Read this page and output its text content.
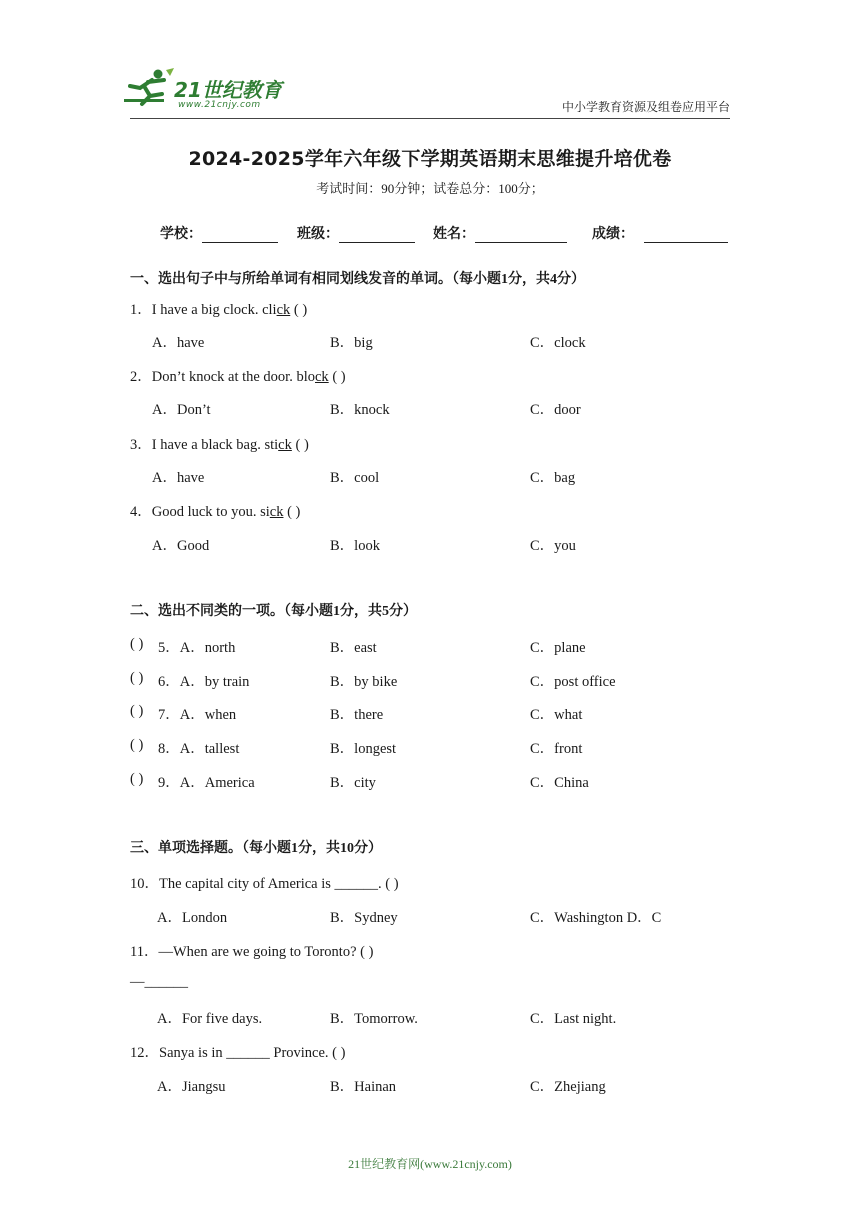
21世纪教育
www.21cnjy.com	中小学教育资源及组卷应用平台
2024-2025学年六年级下学期英语期末思维提升培优卷
考试时间：90分钟；试卷总分：100分；
学校：	班级：	姓名：	成绩：
一、选出句子中与所给单词有相同划线发音的单词。（每小题1分，共4分）
1．I have a big clock. click ( )
A．have	B．big	C．clock
2．Don’t knock at the door. block ( )
A．Don’t	B．knock	C．door
3．I have a black bag. stick ( )
A．have	B．cool	C．bag
4．Good luck to you. sick ( )
A．Good	B．look	C．you
二、选出不同类的一项。（每小题1分，共5分）
( ) 5．A．north	B．east	C．plane
( ) 6．A．by train	B．by bike	C．post office
( ) 7．A．when	B．there	C．what
( ) 8．A．tallest	B．longest	C．front
( ) 9．A．America	B．city	C．China
三、单项选择题。（每小题1分，共10分）
10．The capital city of America is ______. ( )
A．London	B．Sydney	C．Washington D．C
11．—When are we going to Toronto? ( )
—______
A．For five days.	B．Tomorrow.	C．Last night.
12．Sanya is in ______ Province. ( )
A．Jiangsu	B．Hainan	C．Zhejiang
21世纪教育网(www.21cnjy.com)
